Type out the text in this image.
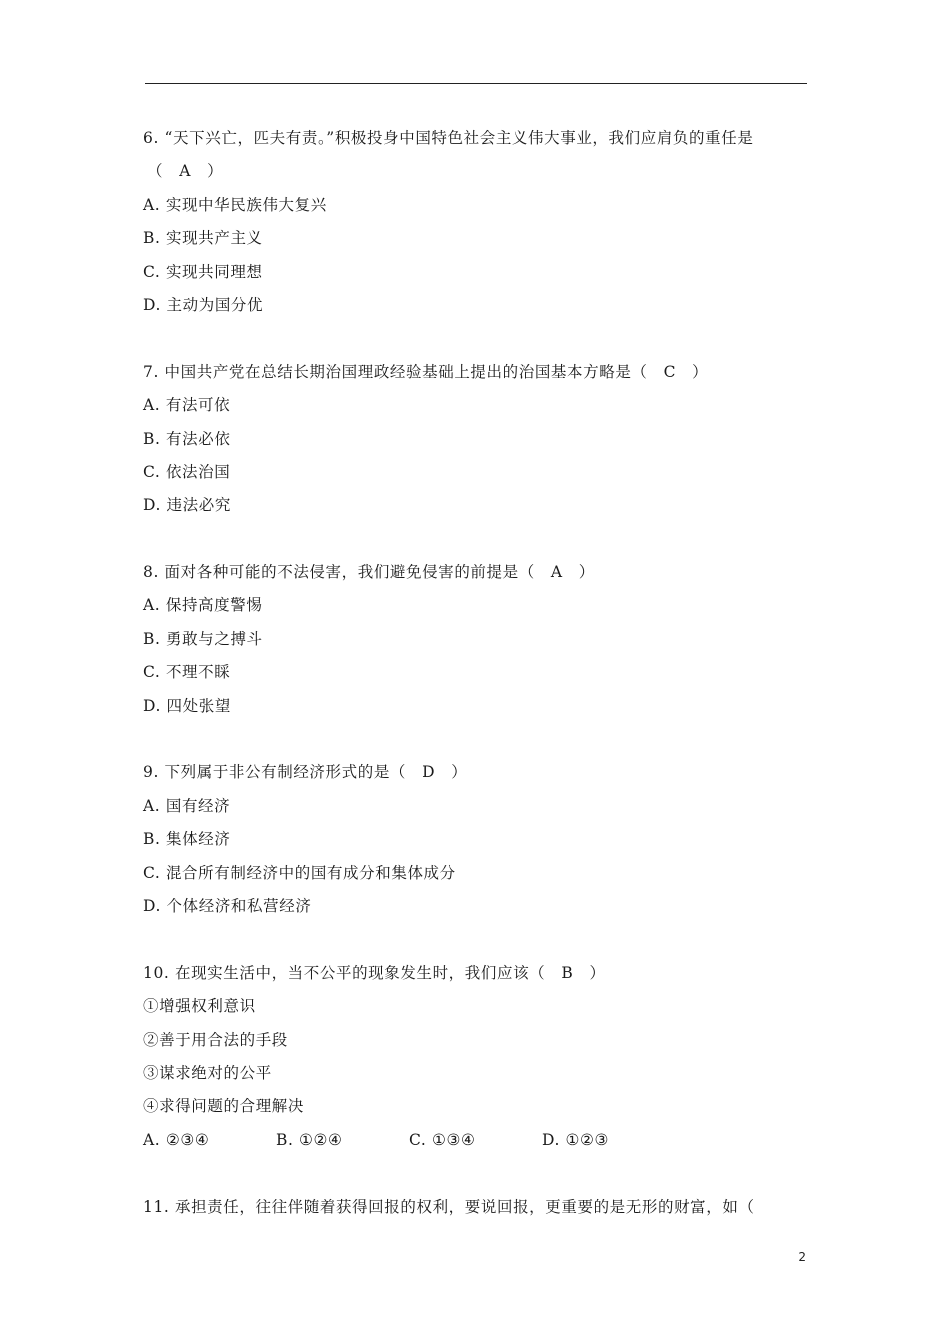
6. “天下兴亡，匹夫有责。”积极投身中国特色社会主义伟大事业，我们应肩负的重任是
（　A　）
A. 实现中华民族伟大复兴
B. 实现共产主义
C. 实现共同理想
D. 主动为国分优
7. 中国共产党在总结长期治国理政经验基础上提出的治国基本方略是（　C　）
A. 有法可依
B. 有法必依
C. 依法治国
D. 违法必究
8. 面对各种可能的不法侵害，我们避免侵害的前提是（　A　）
A. 保持高度警惕
B. 勇敢与之搏斗
C. 不理不睬
D. 四处张望
9. 下列属于非公有制经济形式的是（　D　）
A. 国有经济
B. 集体经济
C. 混合所有制经济中的国有成分和集体成分
D. 个体经济和私营经济
10. 在现实生活中，当不公平的现象发生时，我们应该（　B　）
①增强权利意识
②善于用合法的手段
③谋求绝对的公平
④求得问题的合理解决
A. ②③④	B. ①②④	C. ①③④	D. ①②③
11. 承担责任，往往伴随着获得回报的权利，要说回报，更重要的是无形的财富，如（
2
